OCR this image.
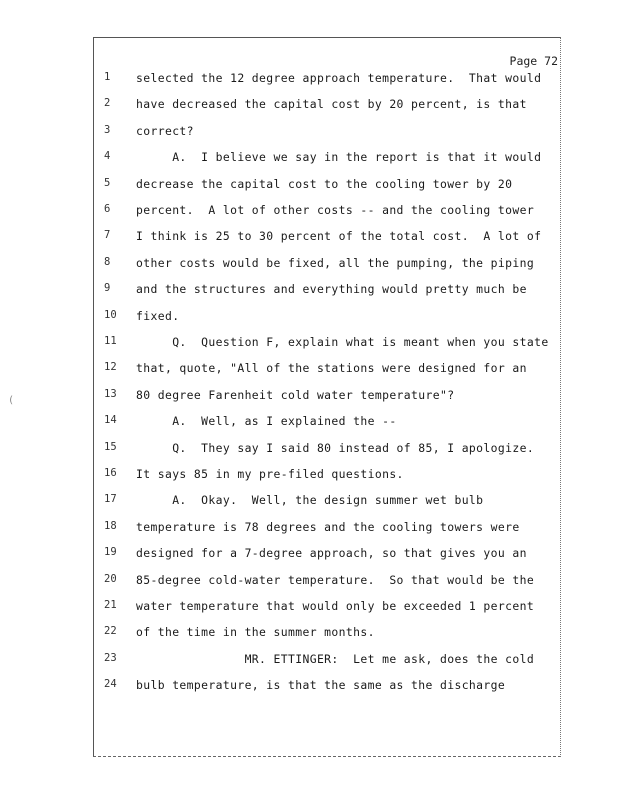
Page 72
(
1	selected the 12 degree approach temperature.  That would
2	have decreased the capital cost by 20 percent, is that
3	correct?
4	A.  I believe we say in the report is that it would
5	decrease the capital cost to the cooling tower by 20
6	percent.  A lot of other costs -- and the cooling tower
7	I think is 25 to 30 percent of the total cost.  A lot of
8	other costs would be fixed, all the pumping, the piping
9	and the structures and everything would pretty much be
10	fixed.
11	Q.  Question F, explain what is meant when you state
12	that, quote, "All of the stations were designed for an
13	80 degree Farenheit cold water temperature"?
14	A.  Well, as I explained the --
15	Q.  They say I said 80 instead of 85, I apologize.
16	It says 85 in my pre-filed questions.
17	A.  Okay.  Well, the design summer wet bulb
18	temperature is 78 degrees and the cooling towers were
19	designed for a 7-degree approach, so that gives you an
20	85-degree cold-water temperature.  So that would be the
21	water temperature that would only be exceeded 1 percent
22	of the time in the summer months.
23	MR. ETTINGER:  Let me ask, does the cold
24	bulb temperature, is that the same as the discharge
